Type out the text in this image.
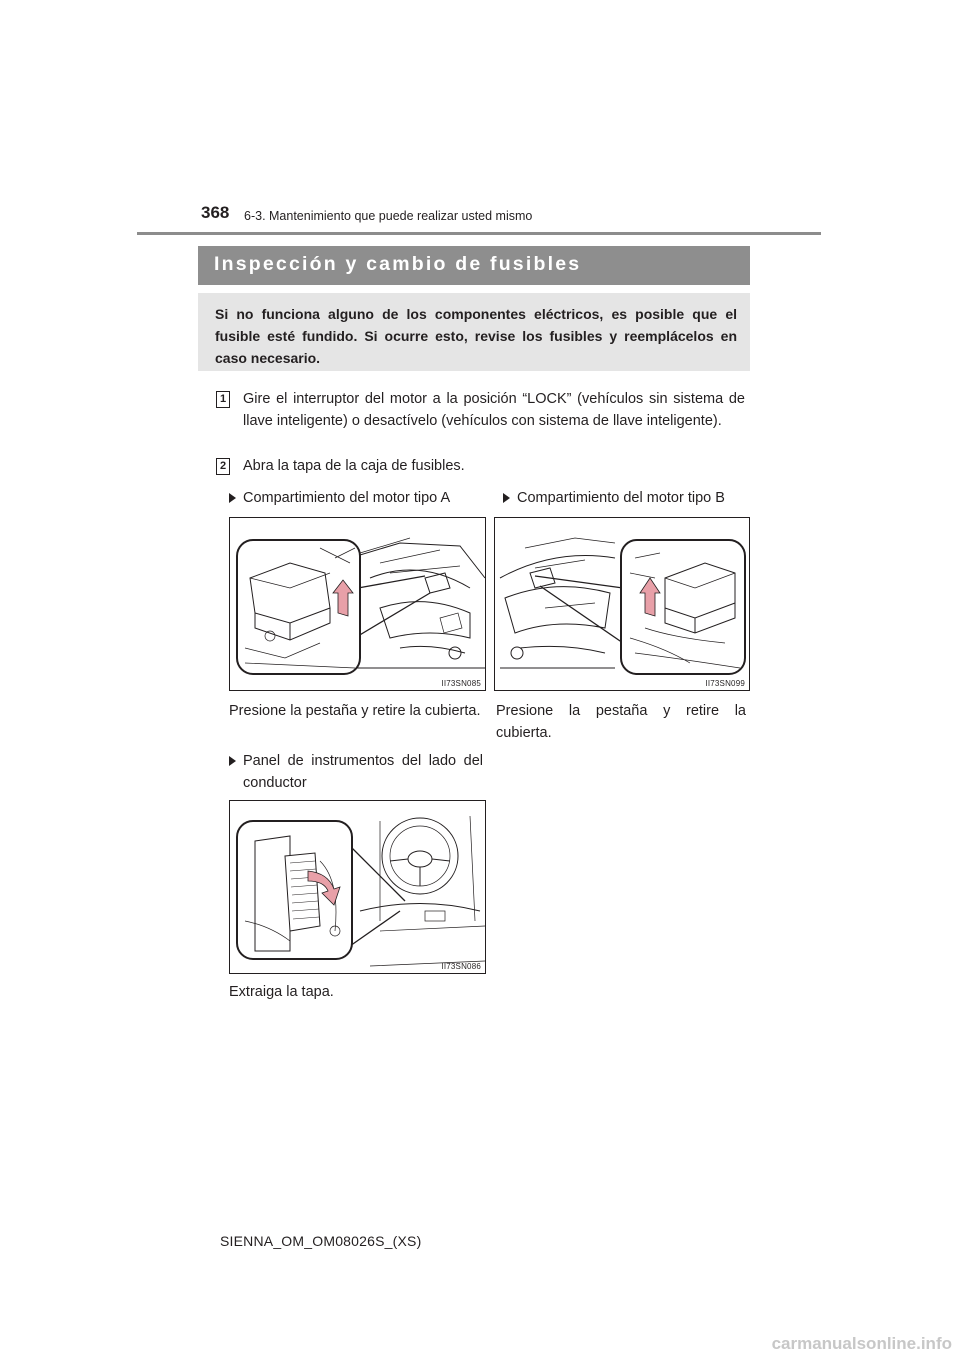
368 6-3. Mantenimiento que puede realizar usted mismo
Inspección y cambio de fusibles
Si no funciona alguno de los componentes eléctricos, es posible que el fusible esté fundido. Si ocurre esto, revise los fusibles y reemplácelos en caso necesario.
1 Gire el interruptor del motor a la posición “LOCK” (vehículos sin sistema de llave inteligente) o desactívelo (vehículos con sistema de llave inteligente).
2 Abra la tapa de la caja de fusibles.
Compartimiento del motor tipo A	Compartimiento del motor tipo B
II73SN085	II73SN099
Presione la pestaña y retire la cubierta. Presione la pestaña y retire la cubierta.
Panel de instrumentos del lado del conductor
II73SN086
Extraiga la tapa.
SIENNA_OM_OM08026S_(XS)
carmanualsonline.info
